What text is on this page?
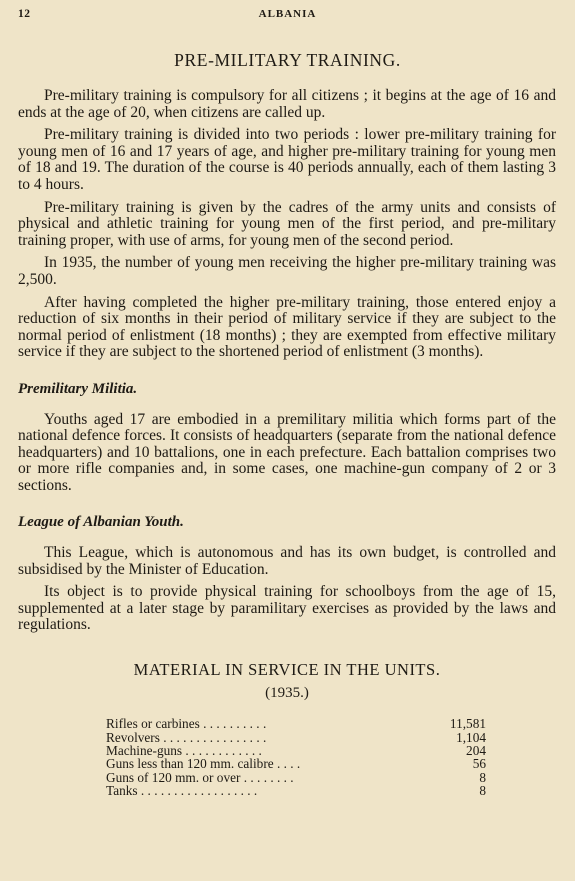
12	ALBANIA
PRE-MILITARY TRAINING.

Pre-military training is compulsory for all citizens ; it begins at the age of 16 and ends at the age of 20, when citizens are called up.

Pre-military training is divided into two periods : lower pre-military training for young men of 16 and 17 years of age, and higher pre-military training for young men of 18 and 19. The duration of the course is 40 periods annually, each of them lasting 3 to 4 hours.

Pre-military training is given by the cadres of the army units and consists of physical and athletic training for young men of the first period, and pre-military training proper, with use of arms, for young men of the second period.

In 1935, the number of young men receiving the higher pre-military training was 2,500.

After having completed the higher pre-military training, those entered enjoy a reduction of six months in their period of military service if they are subject to the normal period of enlistment (18 months) ; they are exempted from effective military service if they are subject to the shortened period of enlistment (3 months).

Premilitary Militia.

Youths aged 17 are embodied in a premilitary militia which forms part of the national defence forces. It consists of headquarters (separate from the national defence headquarters) and 10 battalions, one in each prefecture. Each battalion comprises two or more rifle companies and, in some cases, one machine-gun company of 2 or 3 sections.

League of Albanian Youth.

This League, which is autonomous and has its own budget, is controlled and subsidised by the Minister of Education.

Its object is to provide physical training for schoolboys from the age of 15, supplemented at a later stage by paramilitary exercises as provided by the laws and regulations.

MATERIAL IN SERVICE IN THE UNITS.
(1935.)
Rifles or carbines . . . . . . . . . .	11,581
Revolvers . . . . . . . . . . . . . . . .	1,104
Machine-guns . . . . . . . . . . . .	204
Guns less than 120 mm. calibre . . . .	56
Guns of 120 mm. or over . . . . . . . .	8
Tanks . . . . . . . . . . . . . . . . . .	8
